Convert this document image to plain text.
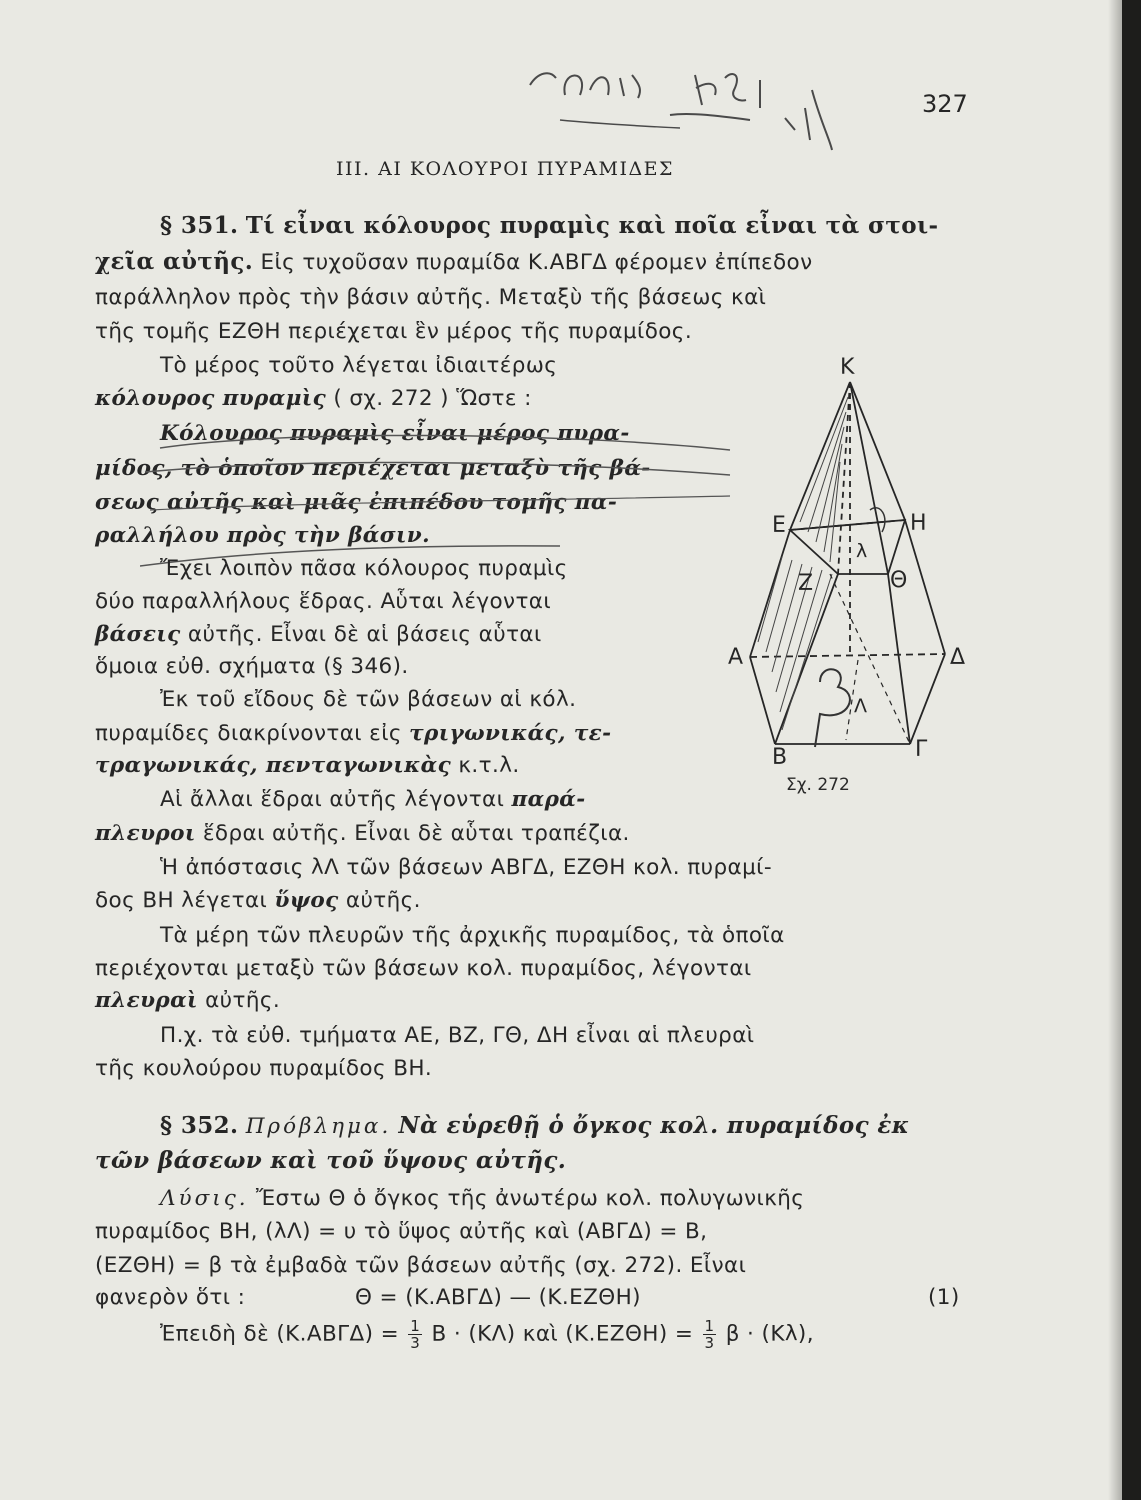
327
III. ΑΙ ΚΟΛΟΥΡΟΙ ΠΥΡΑΜΙΔΕΣ
§ 351. Τί εἶναι κόλουρος πυραμὶς καὶ ποῖα εἶναι τὰ στοι-
χεῖα αὐτῆς. Εἰς τυχοῦσαν πυραμίδα Κ.ΑΒΓΔ φέρομεν ἐπίπεδον
παράλληλον πρὸς τὴν βάσιν αὐτῆς. Μεταξὺ τῆς βάσεως καὶ
τῆς τομῆς ΕΖΘΗ περιέχεται ἓν μέρος τῆς πυραμίδος.
Τὸ μέρος τοῦτο λέγεται ἰδιαιτέρως
κόλουρος πυραμὶς ( σχ. 272 ) Ὥστε :
Κόλουρος πυραμὶς εἶναι μέρος πυρα-
μίδος, τὸ ὁποῖον περιέχεται μεταξὺ τῆς βά-
σεως αὐτῆς καὶ μιᾶς ἐπιπέδου τομῆς πα-
ραλλήλου πρὸς τὴν βάσιν.
Ἔχει λοιπὸν πᾶσα κόλουρος πυραμὶς
δύο παραλλήλους ἕδρας. Αὗται λέγονται
βάσεις αὐτῆς. Εἶναι δὲ αἱ βάσεις αὗται
ὅμοια εὐθ. σχήματα (§ 346).
Ἐκ τοῦ εἴδους δὲ τῶν βάσεων αἱ κόλ.
πυραμίδες διακρίνονται εἰς τριγωνικάς, τε-
τραγωνικάς, πενταγωνικὰς κ.τ.λ.
Αἱ ἄλλαι ἕδραι αὐτῆς λέγονται παρά-
πλευροι ἕδραι αὐτῆς. Εἶναι δὲ αὗται τραπέζια.
Ἡ ἀπόστασις λΛ τῶν βάσεων ΑΒΓΔ, ΕΖΘΗ κολ. πυραμί-
δος ΒΗ λέγεται ὕψος αὐτῆς.
Τὰ μέρη τῶν πλευρῶν τῆς ἀρχικῆς πυραμίδος, τὰ ὁποῖα
περιέχονται μεταξὺ τῶν βάσεων κολ. πυραμίδος, λέγονται
πλευραὶ αὐτῆς.
Π.χ. τὰ εὐθ. τμήματα ΑΕ, ΒΖ, ΓΘ, ΔΗ εἶναι αἱ πλευραὶ
τῆς κουλούρου πυραμίδος ΒΗ.
§ 352. Πρόβλημα. Νὰ εὑρεθῇ ὁ ὄγκος κολ. πυραμίδος ἐκ
τῶν βάσεων καὶ τοῦ ὕψους αὐτῆς.
Λύσις. Ἔστω Θ ὁ ὄγκος τῆς ἀνωτέρω κολ. πολυγωνικῆς
πυραμίδος ΒΗ, (λΛ) = υ τὸ ὕψος αὐτῆς καὶ (ΑΒΓΔ) = Β,
(ΕΖΘΗ) = β τὰ ἐμβαδὰ τῶν βάσεων αὐτῆς (σχ. 272). Εἶναι
φανερὸν ὅτι :	Θ = (Κ.ΑΒΓΔ) — (Κ.ΕΖΘΗ)	(1)
Ἐπειδὴ δὲ $(K.AB\Gamma\Delta) = \frac{1}{3}$ Β · (ΚΛ) καὶ $(K.EZ\Theta H) = \frac{1}{3}$ β · (Κλ),
Κ
Ε	Η
Ζ	Θ
λ
Α	Δ
Β	Γ
Λ
Σχ. 272
